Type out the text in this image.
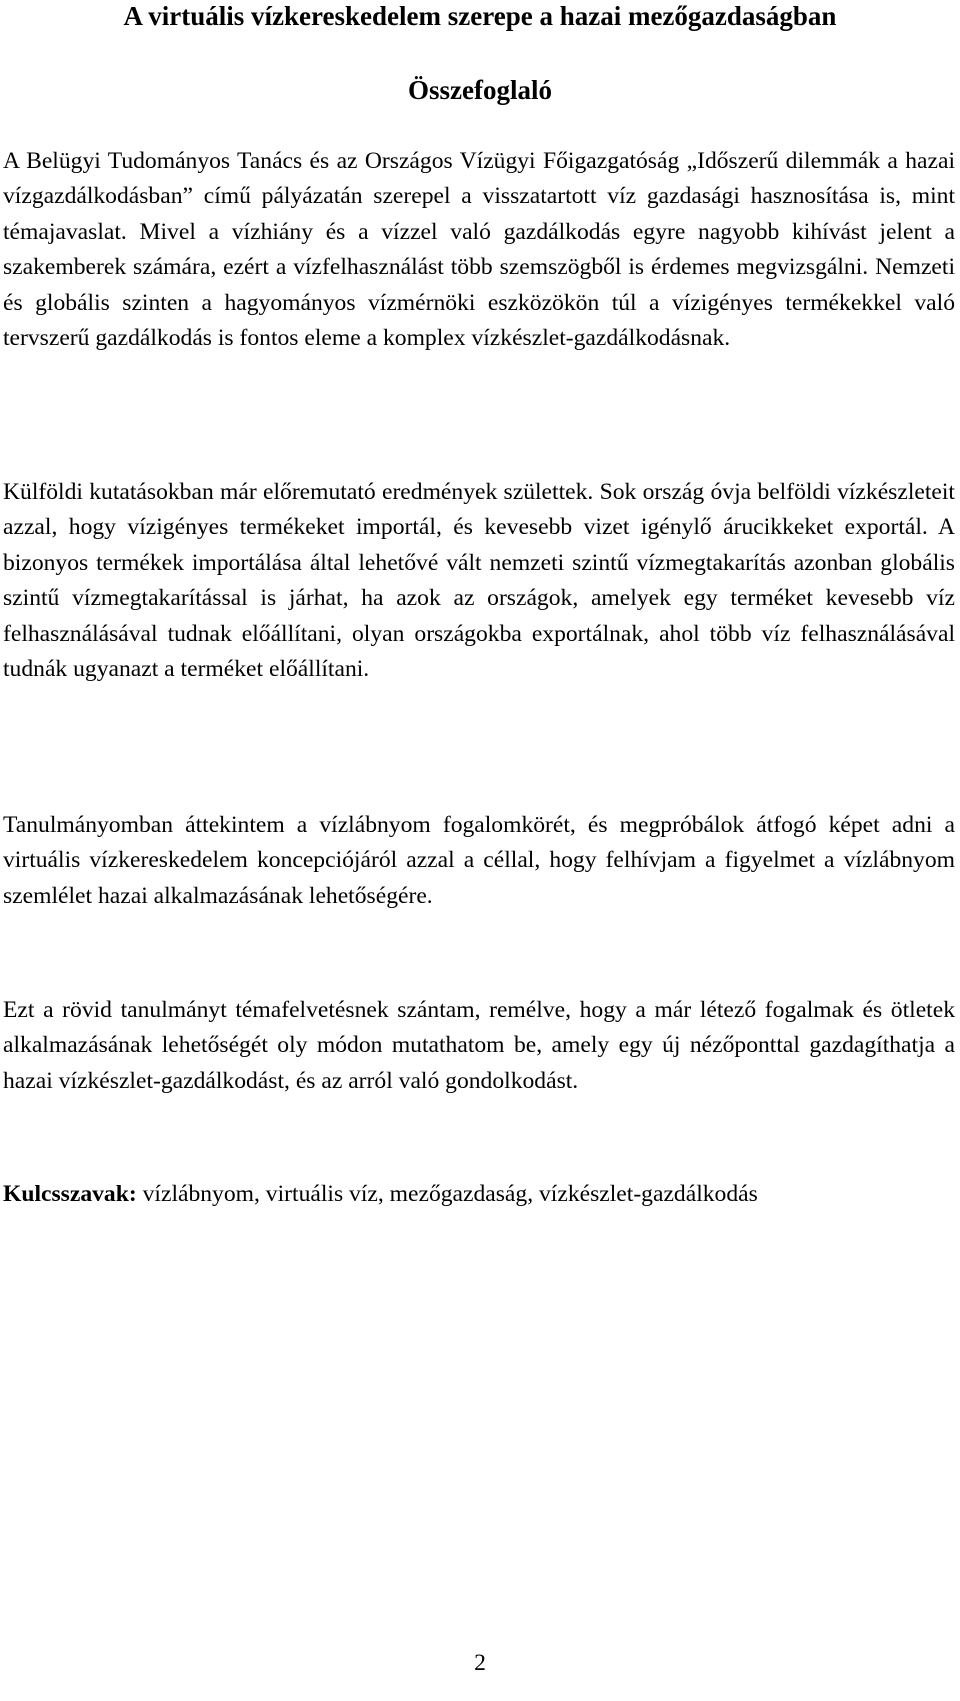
A virtuális vízkereskedelem szerepe a hazai mezőgazdaságban
Összefoglaló

A Belügyi Tudományos Tanács és az Országos Vízügyi Főigazgatóság „Időszerű dilemmák a hazai vízgazdálkodásban” című pályázatán szerepel a visszatartott víz gazdasági hasznosítása is, mint témajavaslat. Mivel a vízhiány és a vízzel való gazdálkodás egyre nagyobb kihívást jelent a szakemberek számára, ezért a vízfelhasználást több szemszögből is érdemes megvizsgálni. Nemzeti és globális szinten a hagyományos vízmérnöki eszközökön túl a vízigényes termékekkel való tervszerű gazdálkodás is fontos eleme a komplex vízkészlet-gazdálkodásnak.

Külföldi kutatásokban már előremutató eredmények születtek. Sok ország óvja belföldi vízkészleteit azzal, hogy vízigényes termékeket importál, és kevesebb vizet igénylő árucikkeket exportál. A bizonyos termékek importálása által lehetővé vált nemzeti szintű vízmegtakarítás azonban globális szintű vízmegtakarítással is járhat, ha azok az országok, amelyek egy terméket kevesebb víz felhasználásával tudnak előállítani, olyan országokba exportálnak, ahol több víz felhasználásával tudnák ugyanazt a terméket előállítani.

Tanulmányomban áttekintem a vízlábnyom fogalomkörét, és megpróbálok átfogó képet adni a virtuális vízkereskedelem koncepciójáról azzal a céllal, hogy felhívjam a figyelmet a vízlábnyom szemlélet hazai alkalmazásának lehetőségére.

Ezt a rövid tanulmányt témafelvetésnek szántam, remélve, hogy a már létező fogalmak és ötletek alkalmazásának lehetőségét oly módon mutathatom be, amely egy új nézőponttal gazdagíthatja a hazai vízkészlet-gazdálkodást, és az arról való gondolkodást.

Kulcsszavak: vízlábnyom, virtuális víz, mezőgazdaság, vízkészlet-gazdálkodás

2
